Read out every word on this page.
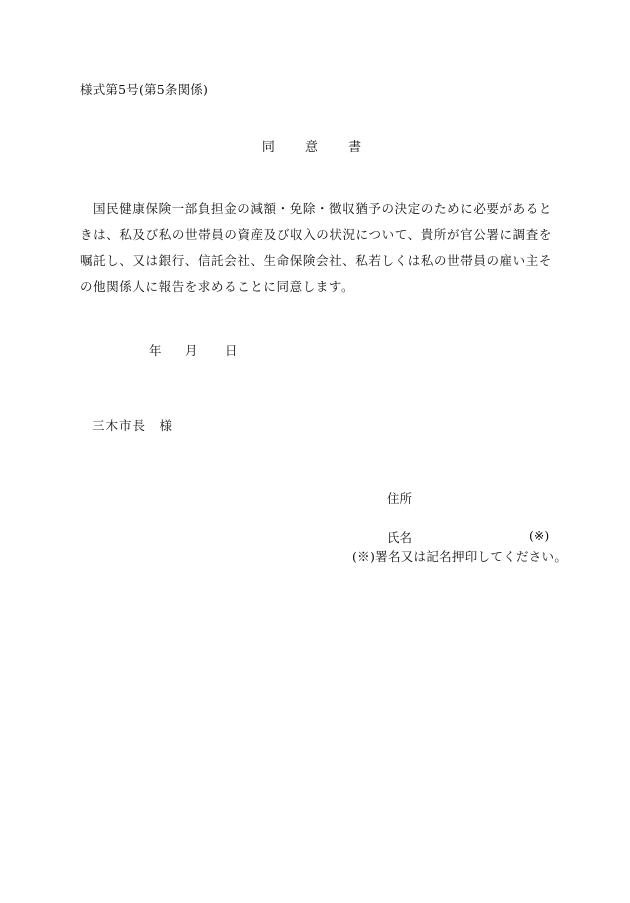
様式第5号(第5条関係)
同 意 書
国民健康保険一部負担金の減額・免除・徴収猶予の決定のために必要があるときは、私及び私の世帯員の資産及び収入の状況について、貴所が官公署に調査を嘱託し、又は銀行、信託会社、生命保険会社、私若しくは私の世帯員の雇い主その他関係人に報告を求めることに同意します。
年	月	日
三木市長　様
住所
氏名	(※)
(※)署名又は記名押印してください。
